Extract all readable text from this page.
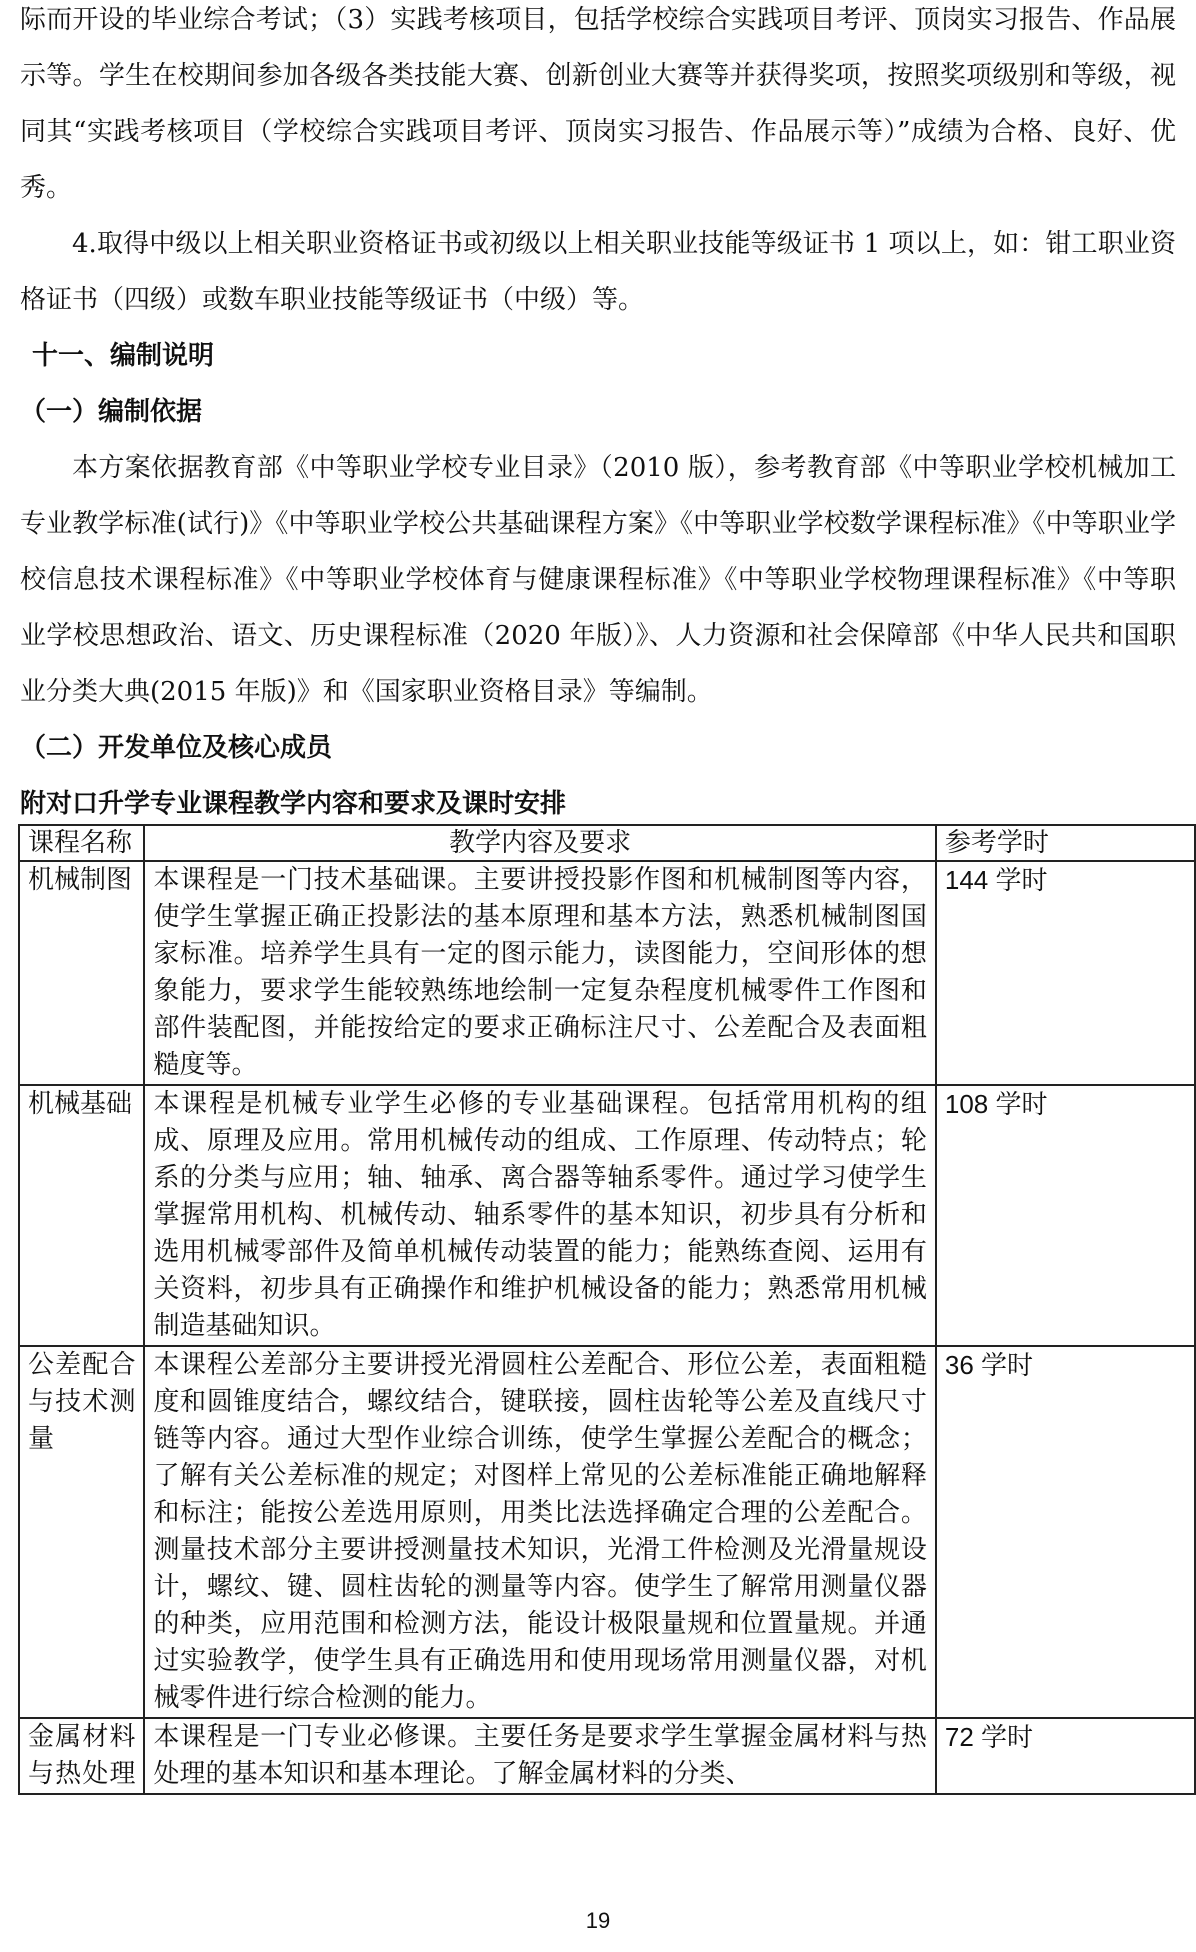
际而开设的毕业综合考试；（3）实践考核项目，包括学校综合实践项目考评、顶岗实习报告、作品展示等。学生在校期间参加各级各类技能大赛、创新创业大赛等并获得奖项，按照奖项级别和等级，视同其“实践考核项目（学校综合实践项目考评、顶岗实习报告、作品展示等）”成绩为合格、良好、优秀。

4.取得中级以上相关职业资格证书或初级以上相关职业技能等级证书 1 项以上，如：钳工职业资格证书（四级）或数车职业技能等级证书（中级）等。

十一、编制说明

（一）编制依据

本方案依据教育部《中等职业学校专业目录》（2010 版），参考教育部《中等职业学校机械加工专业教学标准(试行)》《中等职业学校公共基础课程方案》《中等职业学校数学课程标准》《中等职业学校信息技术课程标准》《中等职业学校体育与健康课程标准》《中等职业学校物理课程标准》《中等职业学校思想政治、语文、历史课程标准（2020 年版）》、人力资源和社会保障部《中华人民共和国职业分类大典(2015 年版)》和《国家职业资格目录》等编制。

（二）开发单位及核心成员

附对口升学专业课程教学内容和要求及课时安排

课程名称	教学内容及要求	参考学时
机械制图	本课程是一门技术基础课。主要讲授投影作图和机械制图等内容，使学生掌握正确正投影法的基本原理和基本方法，熟悉机械制图国家标准。培养学生具有一定的图示能力，读图能力，空间形体的想象能力，要求学生能较熟练地绘制一定复杂程度机械零件工作图和部件装配图，并能按给定的要求正确标注尺寸、公差配合及表面粗糙度等。	144 学时
机械基础	本课程是机械专业学生必修的专业基础课程。包括常用机构的组成、原理及应用。常用机械传动的组成、工作原理、传动特点；轮系的分类与应用；轴、轴承、离合器等轴系零件。通过学习使学生掌握常用机构、机械传动、轴系零件的基本知识，初步具有分析和选用机械零部件及简单机械传动装置的能力；能熟练查阅、运用有关资料，初步具有正确操作和维护机械设备的能力；熟悉常用机械制造基础知识。	108 学时

公差配合与技术测量	本课程公差部分主要讲授光滑圆柱公差配合、形位公差，表面粗糙度和圆锥度结合，螺纹结合，键联接，圆柱齿轮等公差及直线尺寸链等内容。通过大型作业综合训练，使学生掌握公差配合的概念；了解有关公差标准的规定；对图样上常见的公差标准能正确地解释和标注；能按公差选用原则，用类比法选择确定合理的公差配合。测量技术部分主要讲授测量技术知识，光滑工件检测及光滑量规设计，螺纹、键、圆柱齿轮的测量等内容。使学生了解常用测量仪器的种类，应用范围和检测方法，能设计极限量规和位置量规。并通过实验教学，使学生具有正确选用和使用现场常用测量仪器，对机械零件进行综合检测的能力。	36 学时

金属材料与热处理	本课程是一门专业必修课。主要任务是要求学生掌握金属材料与热处理的基本知识和基本理论。了解金属材料的分类、	72 学时
19
